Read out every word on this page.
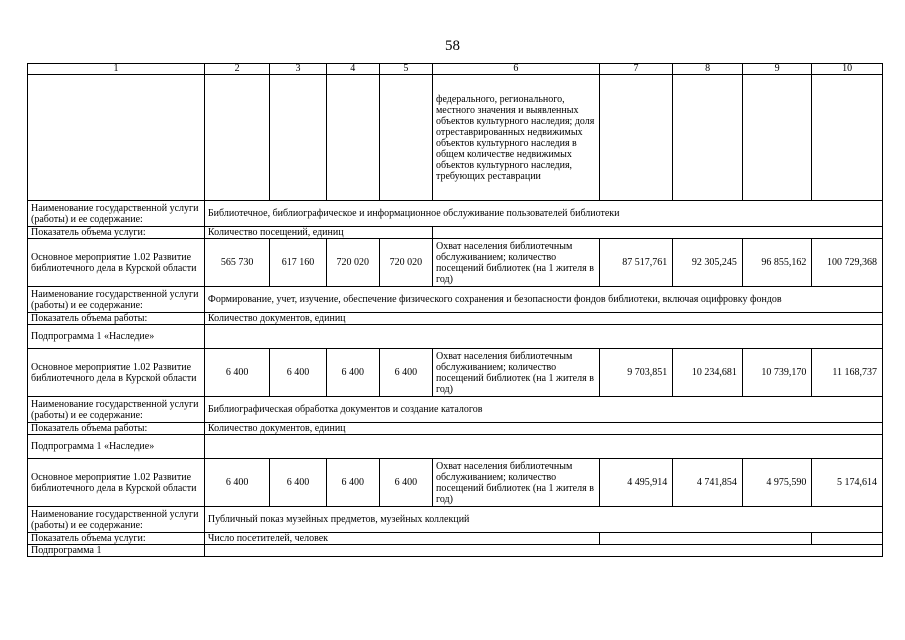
58
1	2	3	4	5	6	7	8	9	10
					федерального, регионального, местного значения и выявленных объектов культурного наследия; доля отреставрированных недвижимых объектов культурного наследия в общем количестве недвижимых объектов культурного наследия, требующих реставрации				
Наименование государственной услуги (работы) и ее содержание:	Библиотечное, библиографическое и информационное обслуживание пользователей библиотеки								
Показатель объема услуги:	Количество посещений, единиц								
Основное мероприятие 1.02 Развитие библиотечного дела в Курской области	565 730	617 160	720 020	720 020	Охват населения библиотечным обслуживанием; количество посещений библиотек (на 1 жителя в год)	87 517,761	92 305,245	96 855,162	100 729,368
Наименование государственной услуги (работы) и ее содержание:	Формирование, учет, изучение, обеспечение физического сохранения и безопасности фондов библиотеки, включая оцифровку фондов								
Показатель объема работы:	Количество документов, единиц								
Подпрограмма 1 «Наследие»									
Основное мероприятие 1.02 Развитие библиотечного дела в Курской области	6 400	6 400	6 400	6 400	Охват населения библиотечным обслуживанием; количество посещений библиотек (на 1 жителя в год)	9 703,851	10 234,681	10 739,170	11 168,737
Наименование государственной услуги (работы) и ее содержание:	Библиографическая обработка документов и создание каталогов								
Показатель объема работы:	Количество документов, единиц								
Подпрограмма 1 «Наследие»									
Основное мероприятие 1.02 Развитие библиотечного дела в Курской области	6 400	6 400	6 400	6 400	Охват населения библиотечным обслуживанием; количество посещений библиотек (на 1 жителя в год)	4 495,914	4 741,854	4 975,590	5 174,614
Наименование государственной услуги (работы) и ее содержание:	Публичный показ музейных предметов, музейных коллекций								
Показатель объема услуги:	Число посетителей, человек								
Подпрограмма 1									
